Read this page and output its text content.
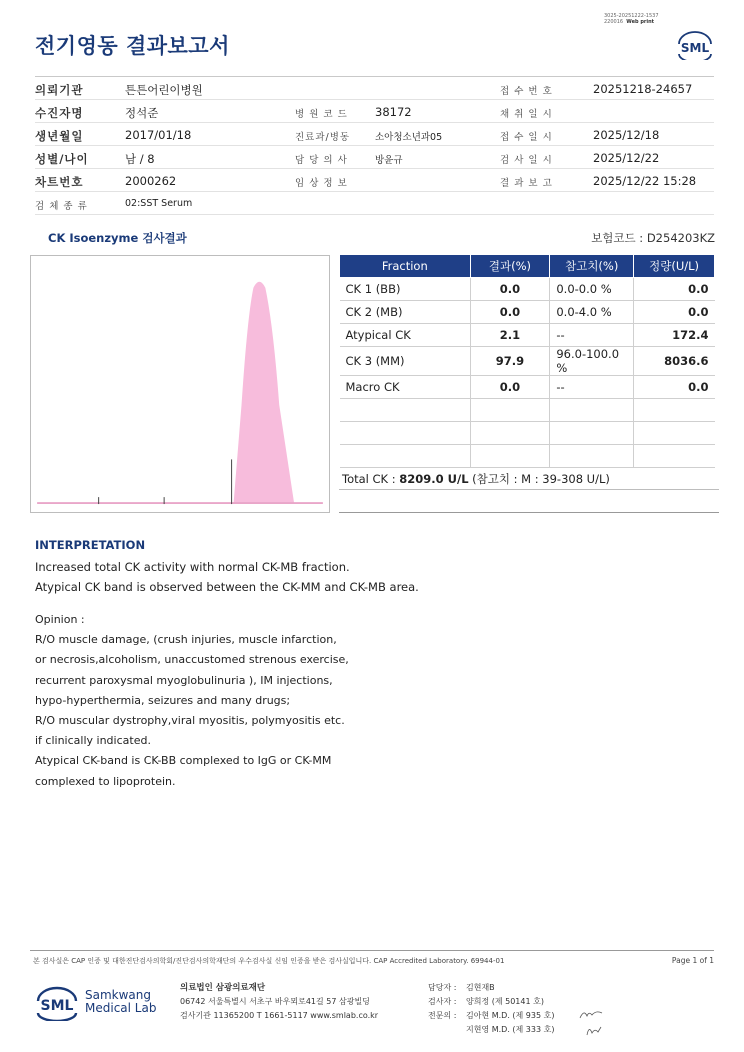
전기영동 결과보고서
3025-20251222-1537
220016 Web print
SML
의뢰기관	튼튼어린이병원	접 수 번 호	20251218-24657
수진자명	정석준	병 원 코 드 38172	채 취 일 시
생년월일	2017/01/18	진료과/병동	소아청소년과05	접 수 일 시	2025/12/18
성별/나이	남 / 8	담 당 의 사	방윤규	검 사 일 시	2025/12/22
차트번호	2000262	임 상 정 보	결 과 보 고	2025/12/22 15:28
검 체 종 류	02:SST Serum
CK Isoenzyme 검사결과	보험코드 : D254203KZ
Fraction	결과(%)	참고치(%)	정량(U/L)
CK 1 (BB)	0.0	0.0-0.0 %	0.0
CK 2 (MB)	0.0	0.0-4.0 %	0.0
Atypical CK	2.1	--	172.4
CK 3 (MM)	97.9	96.0-100.0 %	8036.6
Macro CK	0.0	--	0.0

Total CK : 8209.0 U/L (참고치 : M : 39-308 U/L)
INTERPRETATION
Increased total CK activity with normal CK-MB fraction.
Atypical CK band is observed between the CK-MM and CK-MB area.
Opinion :
R/O muscle damage, (crush injuries, muscle infarction,
or necrosis,alcoholism, unaccustomed strenous exercise,
recurrent paroxysmal myoglobulinuria ), IM injections,
hypo-hyperthermia, seizures and many drugs;
R/O muscular dystrophy,viral myositis, polymyositis etc.
if clinically indicated.
Atypical CK-band is CK-BB complexed to IgG or CK-MM
complexed to lipoprotein.
본 검사실은 CAP 인증 및 대한진단검사의학회/진단검사의학재단의 우수검사실 신임 인증을 받은 검사실입니다. CAP Accredited Laboratory. 69944-01	Page 1 of 1
SML
Samkwang
Medical Lab
의료법인 삼광의료재단
06742 서울특별시 서초구 바우뫼로41길 57 삼광빌딩
검사기관 11365200 T 1661-5117 www.smlab.co.kr
담당자 : 김현재B
검사자 : 양희정 (제 50141 호)
전문의 : 김아현 M.D. (제 935 호)
지현영 M.D. (제 333 호)
